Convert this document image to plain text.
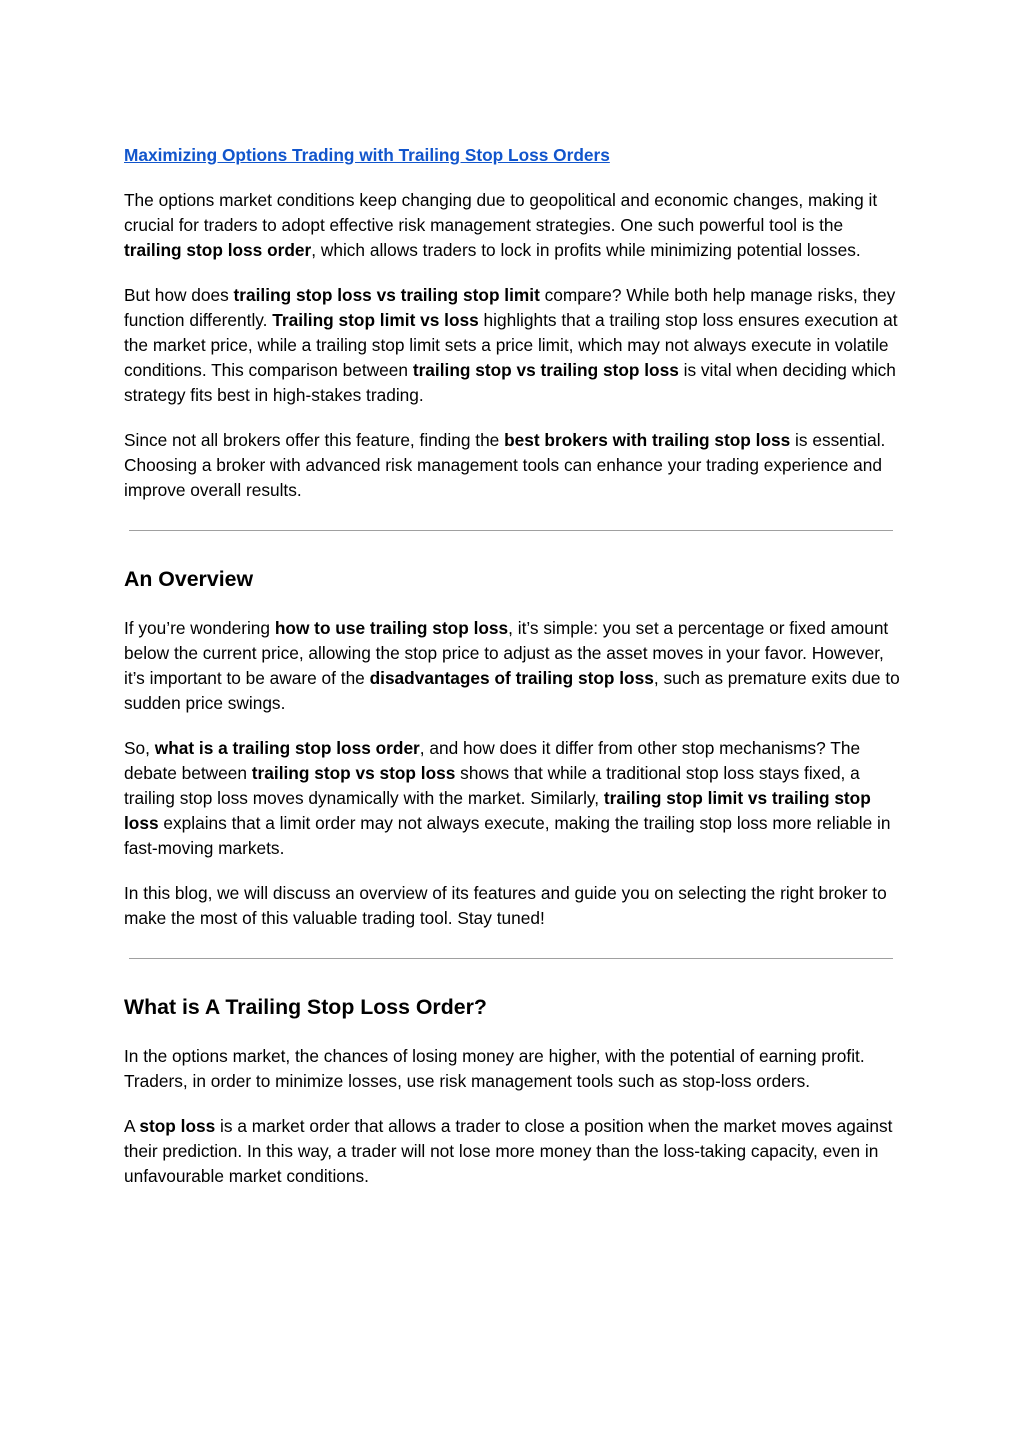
Maximizing Options Trading with Trailing Stop Loss Orders

The options market conditions keep changing due to geopolitical and economic changes, making it crucial for traders to adopt effective risk management strategies. One such powerful tool is the trailing stop loss order, which allows traders to lock in profits while minimizing potential losses.

But how does trailing stop loss vs trailing stop limit compare? While both help manage risks, they function differently. Trailing stop limit vs loss highlights that a trailing stop loss ensures execution at the market price, while a trailing stop limit sets a price limit, which may not always execute in volatile conditions. This comparison between trailing stop vs trailing stop loss is vital when deciding which strategy fits best in high-stakes trading.

Since not all brokers offer this feature, finding the best brokers with trailing stop loss is essential. Choosing a broker with advanced risk management tools can enhance your trading experience and improve overall results.

An Overview

If you’re wondering how to use trailing stop loss, it’s simple: you set a percentage or fixed amount below the current price, allowing the stop price to adjust as the asset moves in your favor. However, it’s important to be aware of the disadvantages of trailing stop loss, such as premature exits due to sudden price swings.

So, what is a trailing stop loss order, and how does it differ from other stop mechanisms? The debate between trailing stop vs stop loss shows that while a traditional stop loss stays fixed, a trailing stop loss moves dynamically with the market. Similarly, trailing stop limit vs trailing stop loss explains that a limit order may not always execute, making the trailing stop loss more reliable in fast-moving markets.

In this blog, we will discuss an overview of its features and guide you on selecting the right broker to make the most of this valuable trading tool. Stay tuned!

What is A Trailing Stop Loss Order?

In the options market, the chances of losing money are higher, with the potential of earning profit. Traders, in order to minimize losses, use risk management tools such as stop-loss orders.

A stop loss is a market order that allows a trader to close a position when the market moves against their prediction. In this way, a trader will not lose more money than the loss-taking capacity, even in unfavourable market conditions.
